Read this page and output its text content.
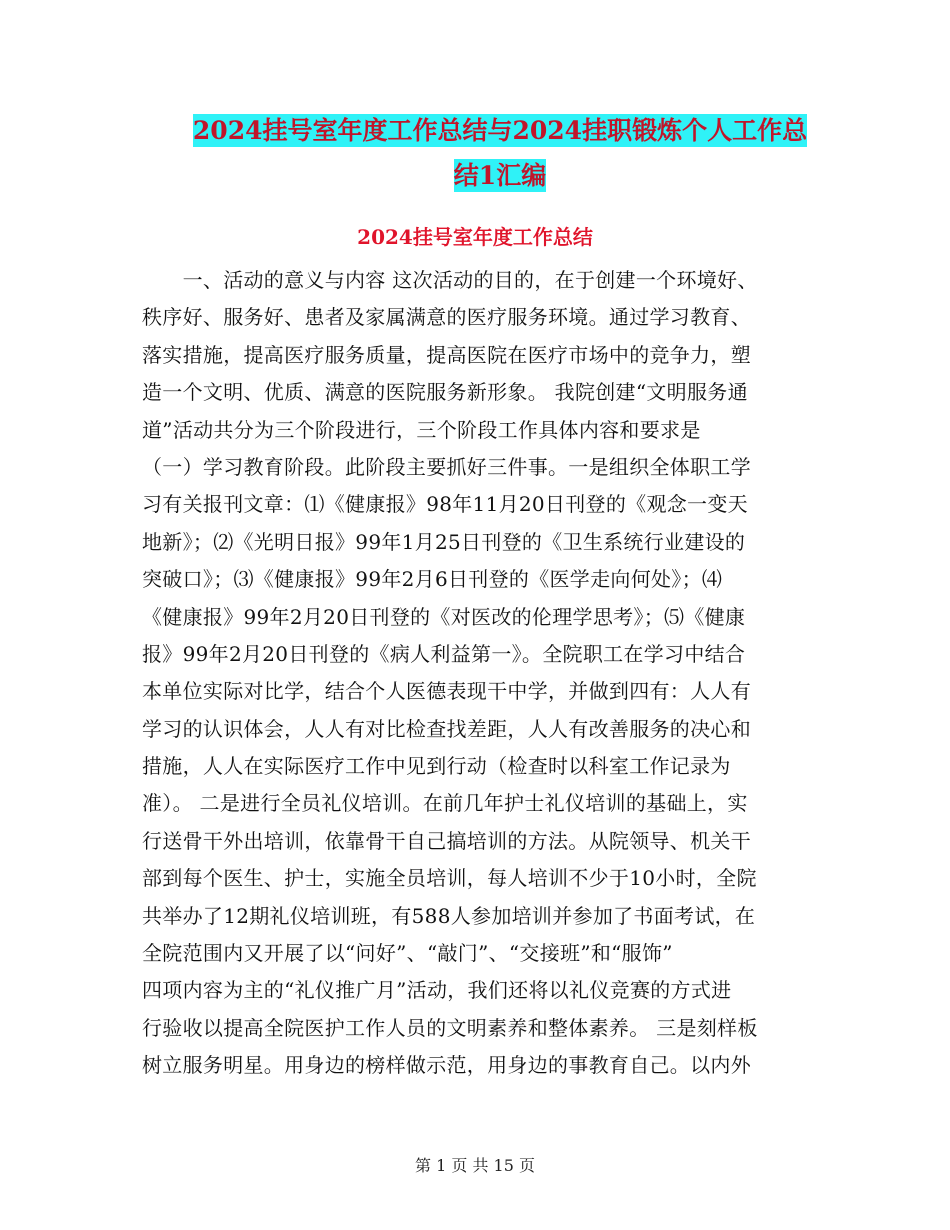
2024挂号室年度工作总结与2024挂职锻炼个人工作总
结1汇编
2024挂号室年度工作总结
　　一、活动的意义与内容 这次活动的目的，在于创建一个环境好、
秩序好、服务好、患者及家属满意的医疗服务环境。通过学习教育、
落实措施，提高医疗服务质量，提高医院在医疗市场中的竞争力，塑
造一个文明、优质、满意的医院服务新形象。 我院创建“文明服务通
道”活动共分为三个阶段进行，三个阶段工作具体内容和要求是
（一）学习教育阶段。此阶段主要抓好三件事。一是组织全体职工学
习有关报刊文章：⑴《健康报》98年11月20日刊登的《观念一变天
地新》；⑵《光明日报》99年1月25日刊登的《卫生系统行业建设的
突破口》；⑶《健康报》99年2月6日刊登的《医学走向何处》；⑷
《健康报》99年2月20日刊登的《对医改的伦理学思考》；⑸《健康
报》99年2月20日刊登的《病人利益第一》。全院职工在学习中结合
本单位实际对比学，结合个人医德表现干中学，并做到四有：人人有
学习的认识体会，人人有对比检查找差距，人人有改善服务的决心和
措施，人人在实际医疗工作中见到行动（检查时以科室工作记录为
准）。 二是进行全员礼仪培训。在前几年护士礼仪培训的基础上，实
行送骨干外出培训，依靠骨干自己搞培训的方法。从院领导、机关干
部到每个医生、护士，实施全员培训，每人培训不少于10小时，全院
共举办了12期礼仪培训班，有588人参加培训并参加了书面考试，在
全院范围内又开展了以“问好”、“敲门”、“交接班”和“服饰”
四项内容为主的“礼仪推广月”活动，我们还将以礼仪竞赛的方式进
行验收以提高全院医护工作人员的文明素养和整体素养。 三是刻样板
树立服务明星。用身边的榜样做示范，用身边的事教育自己。以内外
第 1 页 共 15 页
